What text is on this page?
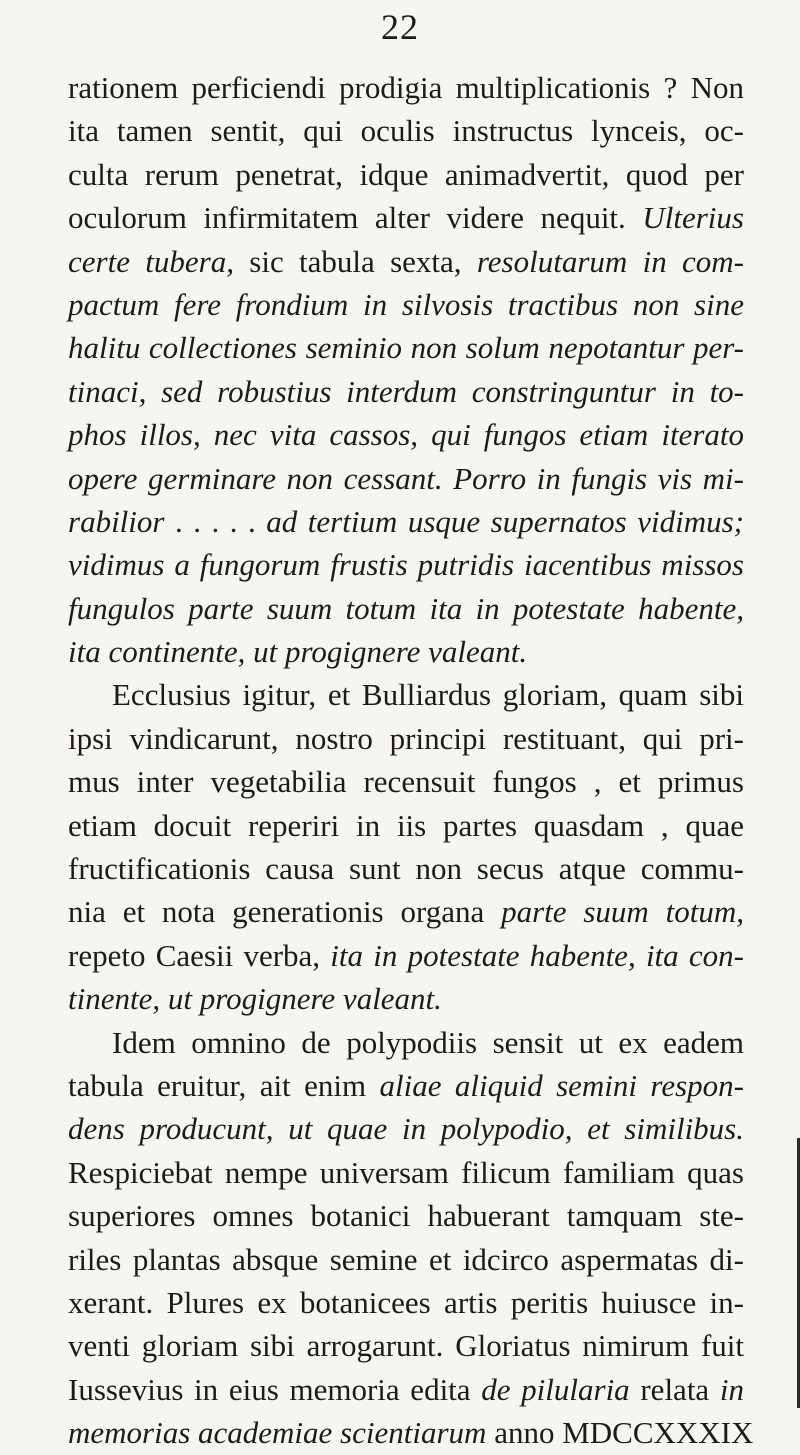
22
rationem perficiendi prodigia multiplicationis ? Non
ita tamen sentit, qui oculis instructus lynceis, oc-
culta rerum penetrat, idque animadvertit, quod per
oculorum infirmitatem alter videre nequit. Ulterius
certe tubera, sic tabula sexta, resolutarum in com-
pactum fere frondium in silvosis tractibus non sine
halitu collectiones seminio non solum nepotantur per-
tinaci, sed robustius interdum constringuntur in to-
phos illos, nec vita cassos, qui fungos etiam iterato
opere germinare non cessant. Porro in fungis vis mi-
rabilior . . . . . ad tertium usque supernatos vidimus;
vidimus a fungorum frustis putridis iacentibus missos
fungulos parte suum totum ita in potestate habente,
ita continente, ut progignere valeant.
Ecclusius igitur, et Bulliardus gloriam, quam sibi
ipsi vindicarunt, nostro principi restituant, qui pri-
mus inter vegetabilia recensuit fungos , et primus
etiam docuit reperiri in iis partes quasdam , quae
fructificationis causa sunt non secus atque commu-
nia et nota generationis organa parte suum totum,
repeto Caesii verba, ita in potestate habente, ita con-
tinente, ut progignere valeant.
Idem omnino de polypodiis sensit ut ex eadem
tabula eruitur, ait enim aliae aliquid semini respon-
dens producunt, ut quae in polypodio, et similibus.
Respiciebat nempe universam filicum familiam quas
superiores omnes botanici habuerant tamquam ste-
riles plantas absque semine et idcirco aspermatas di-
xerant. Plures ex botanicees artis peritis huiusce in-
venti gloriam sibi arrogarunt. Gloriatus nimirum fuit
Iussevius in eius memoria edita de pilularia relata in
memorias academiae scientiarum anno MDCCXXXIX
